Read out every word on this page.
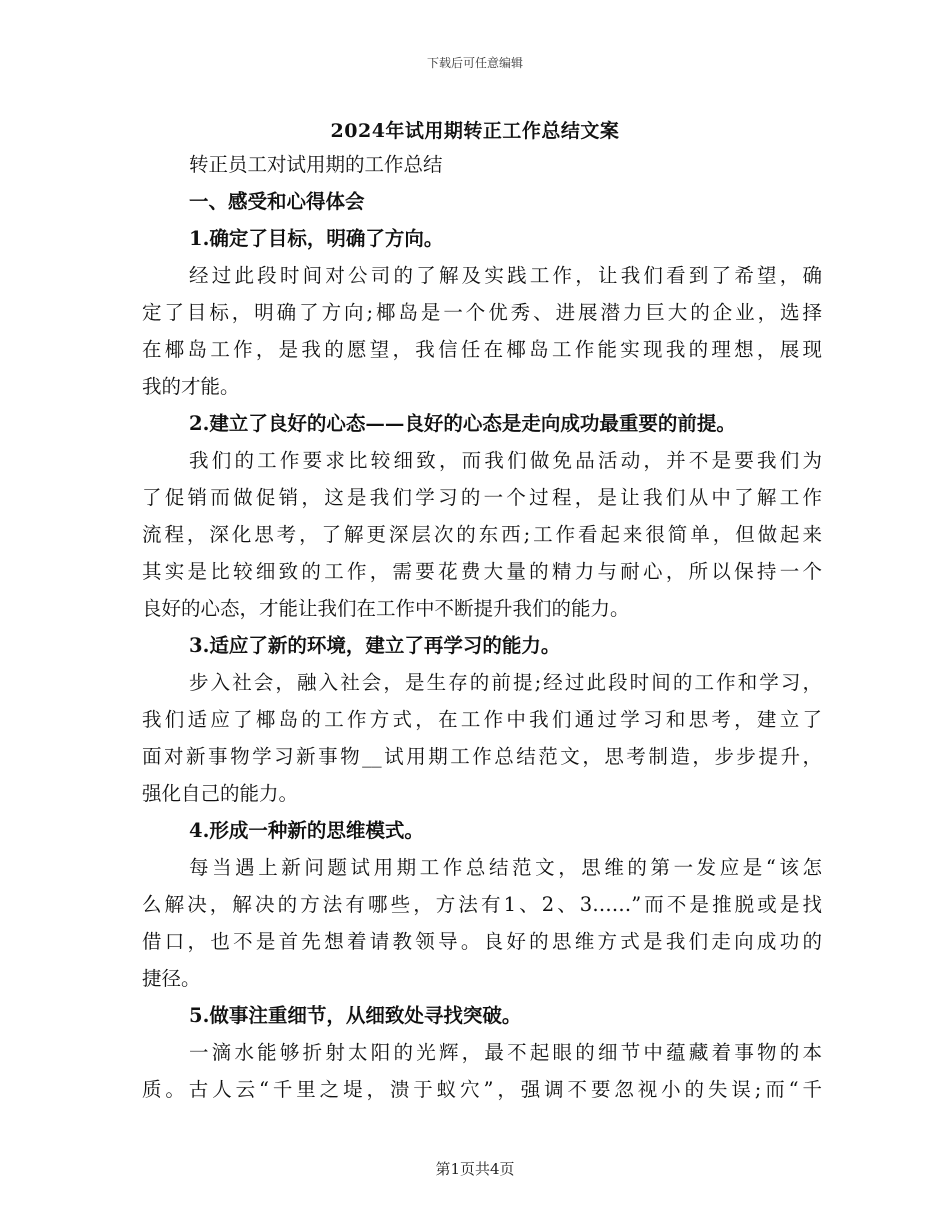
下载后可任意编辑
2024年试用期转正工作总结文案
转正员工对试用期的工作总结
一、感受和心得体会
1.确定了目标，明确了方向。
经过此段时间对公司的了解及实践工作，让我们看到了希望，确
定了目标，明确了方向;椰岛是一个优秀、进展潜力巨大的企业，选择
在椰岛工作，是我的愿望，我信任在椰岛工作能实现我的理想，展现
我的才能。
2.建立了良好的心态——良好的心态是走向成功最重要的前提。
我们的工作要求比较细致，而我们做免品活动，并不是要我们为
了促销而做促销，这是我们学习的一个过程，是让我们从中了解工作
流程，深化思考，了解更深层次的东西;工作看起来很简单，但做起来
其实是比较细致的工作，需要花费大量的精力与耐心，所以保持一个
良好的心态，才能让我们在工作中不断提升我们的能力。
3.适应了新的环境，建立了再学习的能力。
步入社会，融入社会，是生存的前提;经过此段时间的工作和学习，
我们适应了椰岛的工作方式，在工作中我们通过学习和思考，建立了
面对新事物学习新事物__试用期工作总结范文，思考制造，步步提升，
强化自己的能力。
4.形成一种新的思维模式。
每当遇上新问题试用期工作总结范文，思维的第一发应是“该怎
么解决，解决的方法有哪些，方法有1、2、3……”而不是推脱或是找
借口，也不是首先想着请教领导。良好的思维方式是我们走向成功的
捷径。
5.做事注重细节，从细致处寻找突破。
一滴水能够折射太阳的光辉，最不起眼的细节中蕴藏着事物的本
质。古人云“千里之堤，溃于蚁穴”，强调不要忽视小的失误;而“千
第1页共4页
